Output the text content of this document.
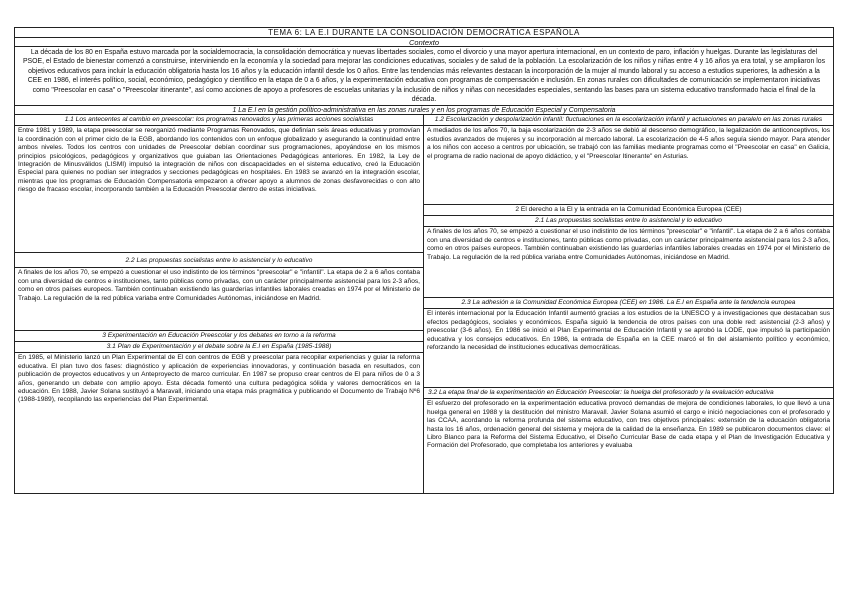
TEMA 6: LA E.I DURANTE LA CONSOLIDACIÓN DEMOCRÁTICA ESPAÑOLA
Contexto
La década de los 80 en España estuvo marcada por la socialdemocracia, la consolidación democrática y nuevas libertades sociales, como el divorcio y una mayor apertura internacional, en un contexto de paro, inflación y huelgas. Durante las legislaturas del PSOE, el Estado de bienestar comenzó a construirse, interviniendo en la economía y la sociedad para mejorar las condiciones educativas, sociales y de salud de la población. La escolarización de los niños y niñas entre 4 y 16 años ya era total, y se ampliaron los objetivos educativos para incluir la educación obligatoria hasta los 16 años y la educación infantil desde los 0 años. Entre las tendencias más relevantes destacan la incorporación de la mujer al mundo laboral y su acceso a estudios superiores, la adhesión a la CEE en 1986, el interés político, social, económico, pedagógico y científico en la etapa de 0 a 6 años, y la experimentación educativa con programas de compensación e inclusión. En zonas rurales con dificultades de comunicación se implementaron iniciativas como "Preescolar en casa" o "Preescolar itinerante", así como acciones de apoyo a profesores de escuelas unitarias y la inclusión de niños y niñas con necesidades especiales, sentando las bases para un sistema educativo transformado hacia el final de la década.
1 La E.I en la gestión político-administrativa en las zonas rurales y en los programas de Educación Especial y Compensatoria
1.1 Los antecentes al cambio en preescolar: los programas renovados y las primeras acciones socialistas
Entre 1981 y 1989, la etapa preescolar se reorganizó mediante Programas Renovados, que definían seis áreas educativas y promovían la coordinación con el primer ciclo de la EGB, abordando los contenidos con un enfoque globalizado y asegurando la continuidad entre ambos niveles. Todos los centros con unidades de Preescolar debían coordinar sus programaciones, apoyándose en los mismos principios psicológicos, pedagógicos y organizativos que guiaban las Orientaciones Pedagógicas anteriores. En 1982, la Ley de Integración de Minusválidos (LISMI) impulsó la integración de niños con discapacidades en el sistema educativo, creó la Educación Especial para quienes no podían ser integrados y secciones pedagógicas en hospitales. En 1983 se avanzó en la integración escolar, mientras que los programas de Educación Compensatoria empezaron a ofrecer apoyo a alumnos de zonas desfavorecidas o con alto riesgo de fracaso escolar, incorporando también a la Educación Preescolar dentro de estas iniciativas.
2.2 Las propuestas socialistas entre lo asistencial y lo educativo
A finales de los años 70, se empezó a cuestionar el uso indistinto de los términos "preescolar" e "infantil". La etapa de 2 a 6 años contaba con una diversidad de centros e instituciones, tanto públicas como privadas, con un carácter principalmente asistencial para los 2-3 años, como en otros países europeos. También continuaban existiendo las guarderías infantiles laborales creadas en 1974 por el Ministerio de Trabajo. La regulación de la red pública variaba entre Comunidades Autónomas, iniciándose en Madrid.
3 Experimentación en Educación Preescolar y los debates en torno a la reforma
3.1 Plan de Experimentación y el debate sobre la E.I en España (1985-1988)
En 1985, el Ministerio lanzó un Plan Experimental de El con centros de EGB y preescolar para recopilar experiencias y guiar la reforma educativa. El plan tuvo dos fases: diagnóstico y aplicación de experiencias innovadoras, y continuación basada en resultados, con publicación de proyectos educativos y un Anteproyecto de marco curricular. En 1987 se propuso crear centros de El para niños de 0 a 3 años, generando un debate con amplio apoyo. Esta década fomentó una cultura pedagógica sólida y valores democráticos en la educación. En 1988, Javier Solana sustituyó a Maravall, iniciando una etapa más pragmática y publicando el Documento de Trabajo Nº6 (1988-1989), recopilando las experiencias del Plan Experimental.
1.2 Escolarización y despolarización infantil: fluctuaciones en la escolarización infantil y actuaciones en paralelo en las zonas rurales
A mediados de los años 70, la baja escolarización de 2-3 años se debió al descenso demográfico, la legalización de anticonceptivos, los estudios avanzados de mujeres y su incorporación al mercado laboral. La escolarización de 4-5 años seguía siendo mayor. Para atender a los niños con acceso a centros por ubicación, se trabajó con las familias mediante programas como el "Preescolar en casa" en Galicia, el programa de radio nacional de apoyo didáctico, y el "Preescolar Itinerante" en Asturias.
2 El derecho a la El y la entrada en la Comunidad Económica Europea (CEE)
2.1 Las propuestas socialistas entre lo asistencial y lo educativo
A finales de los años 70, se empezó a cuestionar el uso indistinto de los términos "preescolar" e "infantil". La etapa de 2 a 6 años contaba con una diversidad de centros e instituciones, tanto públicas como privadas, con un carácter principalmente asistencial para los 2-3 años, como en otros países europeos. También continuaban existiendo las guarderías infantiles laborales creadas en 1974 por el Ministerio de Trabajo. La regulación de la red pública variaba entre Comunidades Autónomas, iniciándose en Madrid.
2.3 La adhesión a la Comunidad Económica Europea (CEE) en 1986. La E.I en España ante la tendencia europea
El interés internacional por la Educación Infantil aumentó gracias a los estudios de la UNESCO y a investigaciones que destacaban sus efectos pedagógicos, sociales y económicos. España siguió la tendencia de otros países con una doble red: asistencial (2-3 años) y preescolar (3-6 años). En 1986 se inició el Plan Experimental de Educación Infantil y se aprobó la LODE, que impulsó la participación educativa y los consejos educativos. En 1986, la entrada de España en la CEE marcó el fin del aislamiento político y económico, reforzando la necesidad de instituciones educativas democráticas.
3.2 La etapa final de la experimentación en Educación Preescolar: la huelga del profesorado y la evaluación educativa
El esfuerzo del profesorado en la experimentación educativa provocó demandas de mejora de condiciones laborales, lo que llevó a una huelga general en 1988 y la destitución del ministro Maravall. Javier Solana asumió el cargo e inició negociaciones con el profesorado y las CCAA, acordando la reforma profunda del sistema educativo, con tres objetivos principales: extensión de la educación obligatoria hasta los 16 años, ordenación general del sistema y mejora de la calidad de la enseñanza. En 1989 se publicaron documentos clave: el Libro Blanco para la Reforma del Sistema Educativo, el Diseño Curricular Base de cada etapa y el Plan de Investigación Educativa y Formación del Profesorado, que completaba los anteriores y evaluaba
